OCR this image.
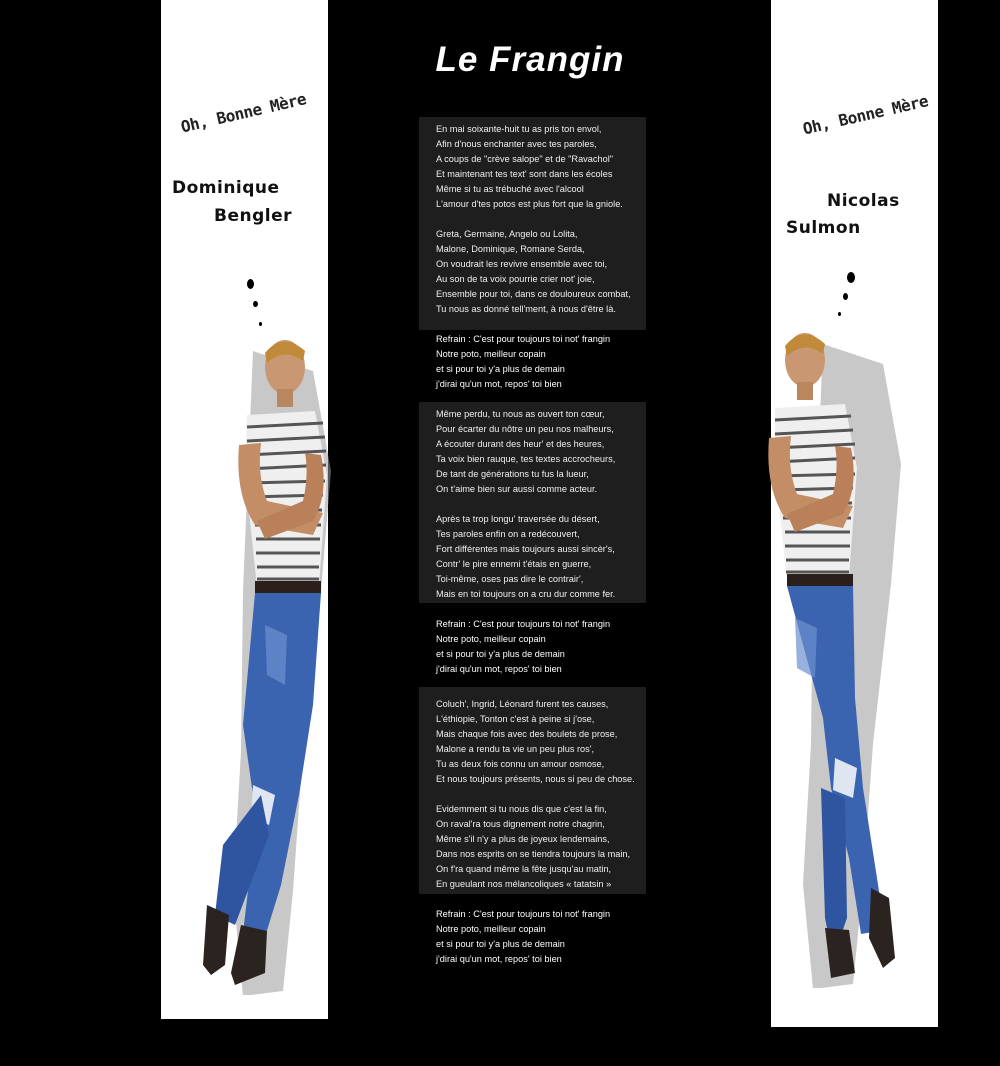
Oh, Bonne Mère
Dominique
Bengler
Oh, Bonne Mère
Nicolas
Sulmon
Le Frangin
En mai soixante-huit tu as pris ton envol,
Afin d'nous enchanter avec tes paroles,
A coups de "crève salope" et de "Ravachol"
Et maintenant tes text' sont dans les écoles
Même si tu as trébuché avec l'alcool
L'amour d'tes potos est plus fort que la gniole.
Greta, Germaine, Angelo ou Lolita,
Malone, Dominique, Romane Serda,
On voudrait les revivre ensemble avec toi,
Au son de ta voix pourrie crier not' joie,
Ensemble pour toi, dans ce douloureux combat,
Tu nous as donné tell'ment, à nous d'être là.
Refrain : C'est pour toujours toi not' frangin
Notre poto, meilleur copain
et si pour toi y'a plus de demain
j'dirai qu'un mot, repos' toi bien
Même perdu, tu nous as ouvert ton cœur,
Pour écarter du nôtre un peu nos malheurs,
A écouter durant des heur' et des heures,
Ta voix bien rauque, tes textes accrocheurs,
De tant de générations tu fus la lueur,
On t'aime bien sur aussi comme acteur.
Après ta trop longu' traversée du désert,
Tes paroles enfin on a redécouvert,
Fort différentes mais toujours aussi sincèr's,
Contr' le pire ennemi t'étais en guerre,
Toi-même, oses pas dire le contrair',
Mais en toi toujours on a cru dur comme fer.
Refrain : C'est pour toujours toi not' frangin
Notre poto, meilleur copain
et si pour toi y'a plus de demain
j'dirai qu'un mot, repos' toi bien
Coluch', Ingrid, Léonard furent tes causes,
L'éthiopie, Tonton c'est à peine si j'ose,
Mais chaque fois avec des boulets de prose,
Malone a rendu ta vie un peu plus ros',
Tu as deux fois connu un amour osmose,
Et nous toujours présents, nous si peu de chose.
Evidemment si tu nous dis que c'est la fin,
On raval'ra tous dignement notre chagrin,
Même s'il n'y a plus de joyeux lendemains,
Dans nos esprits on se tiendra toujours la main,
On f'ra quand même la fête jusqu'au matin,
En gueulant nos mélancoliques « tatatsin »
Refrain : C'est pour toujours toi not' frangin
Notre poto, meilleur copain
et si pour toi y'a plus de demain
j'dirai qu'un mot, repos' toi bien
